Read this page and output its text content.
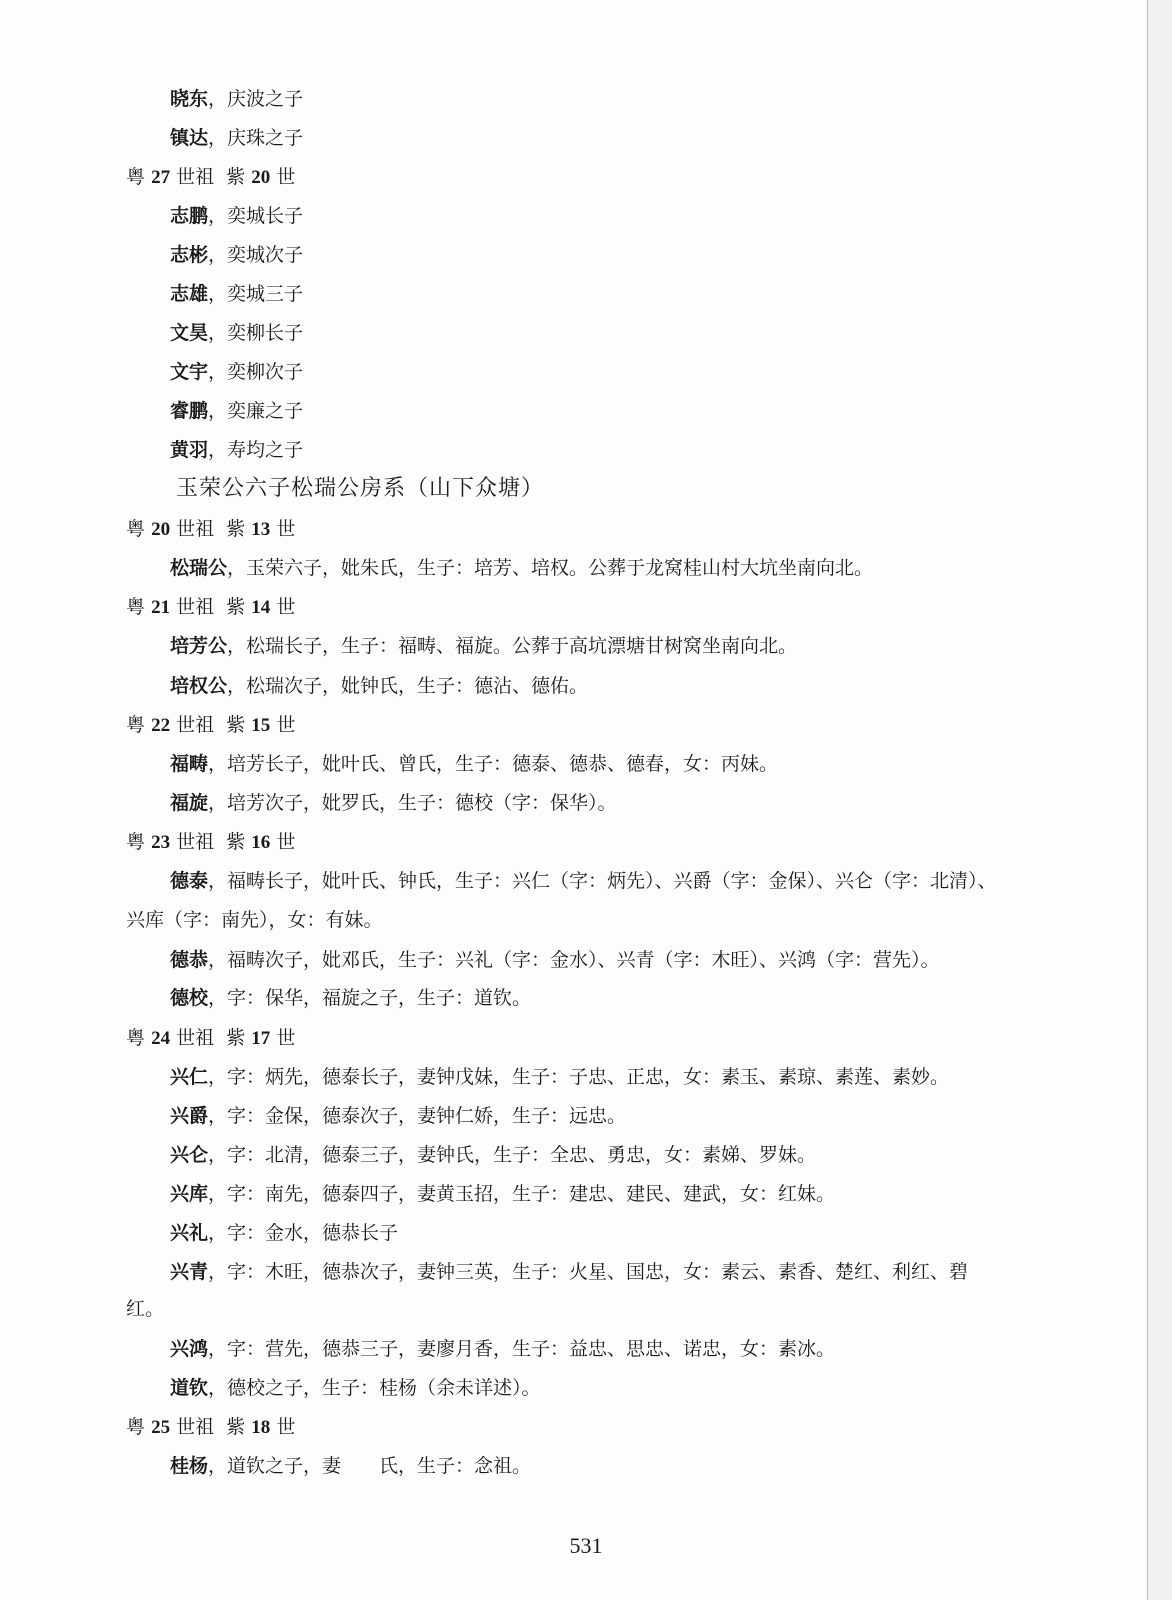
晓东，庆波之子
镇达，庆珠之子
粤 27 世祖 紫 20 世
志鹏，奕城长子
志彬，奕城次子
志雄，奕城三子
文昊，奕柳长子
文宇，奕柳次子
睿鹏，奕廉之子
黄羽，寿均之子
玉荣公六子松瑞公房系（山下众塘）
粤 20 世祖 紫 13 世
松瑞公，玉荣六子，妣朱氏，生子：培芳、培权。公葬于龙窝桂山村大坑坐南向北。
粤 21 世祖 紫 14 世
培芳公，松瑞长子，生子：福畴、福旋。公葬于高坑漂塘甘树窝坐南向北。
培权公，松瑞次子，妣钟氏，生子：德沾、德佑。
粤 22 世祖 紫 15 世
福畴，培芳长子，妣叶氏、曾氏，生子：德泰、德恭、德春，女：丙妹。
福旋，培芳次子，妣罗氏，生子：德校（字：保华）。
粤 23 世祖 紫 16 世
德泰，福畴长子，妣叶氏、钟氏，生子：兴仁（字：炳先）、兴爵（字：金保）、兴仑（字：北清）、
兴库（字：南先），女：有妹。
德恭，福畴次子，妣邓氏，生子：兴礼（字：金水）、兴青（字：木旺）、兴鸿（字：营先）。
德校，字：保华，福旋之子，生子：道钦。
粤 24 世祖 紫 17 世
兴仁，字：炳先，德泰长子，妻钟戊妹，生子：子忠、正忠，女：素玉、素琼、素莲、素妙。
兴爵，字：金保，德泰次子，妻钟仁娇，生子：远忠。
兴仑，字：北清，德泰三子，妻钟氏，生子：全忠、勇忠，女：素娣、罗妹。
兴库，字：南先，德泰四子，妻黄玉招，生子：建忠、建民、建武，女：红妹。
兴礼，字：金水，德恭长子
兴青，字：木旺，德恭次子，妻钟三英，生子：火星、国忠，女：素云、素香、楚红、利红、碧
红。
兴鸿，字：营先，德恭三子，妻廖月香，生子：益忠、思忠、诺忠，女：素冰。
道钦，德校之子，生子：桂杨（余未详述）。
粤 25 世祖 紫 18 世
桂杨，道钦之子，妻　　氏，生子：念祖。
531
